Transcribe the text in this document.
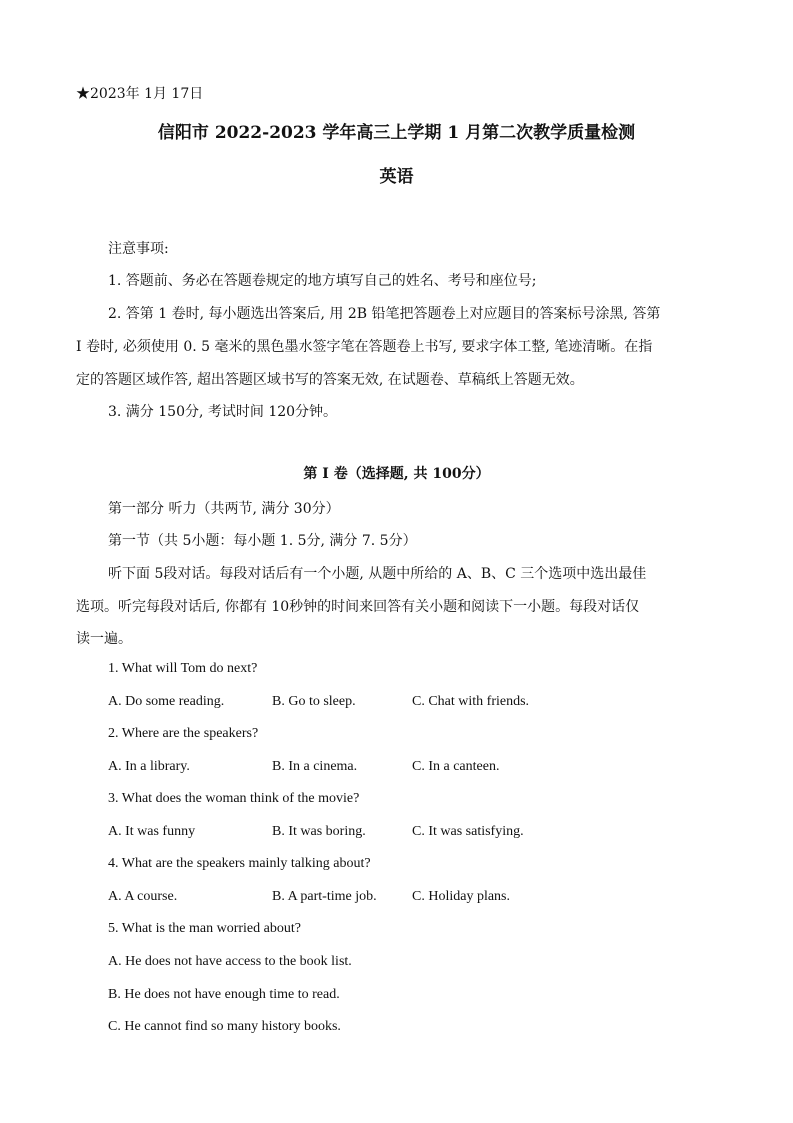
★2023年 1月 17日
信阳市 2022-2023 学年高三上学期 1 月第二次教学质量检测
英语
注意事项:
1. 答题前、务必在答题卷规定的地方填写自己的姓名、考号和座位号;
2. 答第 1 卷时, 每小题选出答案后, 用 2B 铅笔把答题卷上对应题目的答案标号涂黑, 答第
I 卷时, 必须使用 0. 5 毫米的黑色墨水签字笔在答题卷上书写, 要求字体工整, 笔迹清晰。在指
定的答题区域作答, 超出答题区域书写的答案无效, 在试题卷、草稿纸上答题无效。
3. 满分 150分, 考试时间 120分钟。
第 I 卷（选择题, 共 100分）
第一部分 听力（共两节, 满分 30分）
第一节（共 5小题：每小题 1. 5分, 满分 7. 5分）
听下面 5段对话。每段对话后有一个小题, 从题中所给的 A、B、C 三个选项中选出最佳
选项。听完每段对话后, 你都有 10秒钟的时间来回答有关小题和阅读下一小题。每段对话仅
读一遍。
1. What will Tom do next?
A. Do some reading.	B. Go to sleep.	C. Chat with friends.
2. Where are the speakers?
A. In a library.	B. In a cinema.	C. In a canteen.
3. What does the woman think of the movie?
A. It was funny	B. It was boring.	C. It was satisfying.
4. What are the speakers mainly talking about?
A. A course.	B. A part-time job.	C. Holiday plans.
5. What is the man worried about?
A. He does not have access to the book list.
B. He does not have enough time to read.
C. He cannot find so many history books.
